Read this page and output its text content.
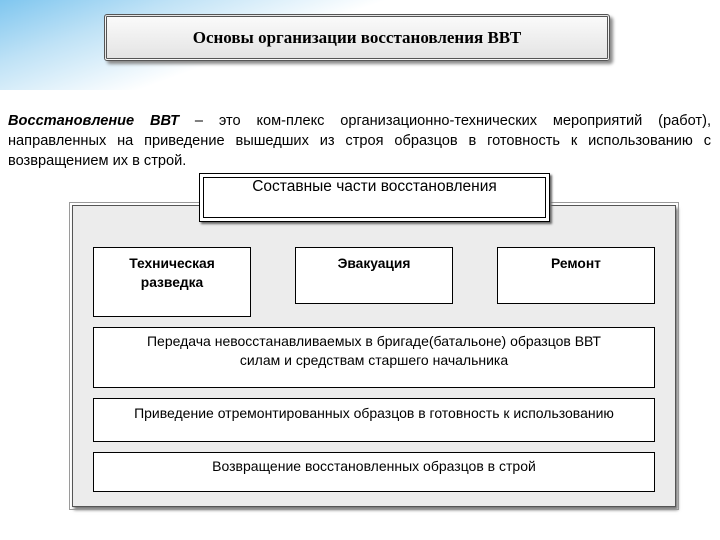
Основы организации восстановления ВВТ
Восстановление ВВТ – это ком-плекс организационно-технических мероприятий (работ), направленных на приведение вышедших из строя образцов в готовность к использованию с возвращением их в строй.
Составные части восстановления
Техническая
разведка
Эвакуация	Ремонт
Передача невосстанавливаемых в бригаде(батальоне) образцов ВВТ
силам и средствам старшего начальника
Приведение отремонтированных образцов в готовность к использованию
Возвращение восстановленных образцов в строй
